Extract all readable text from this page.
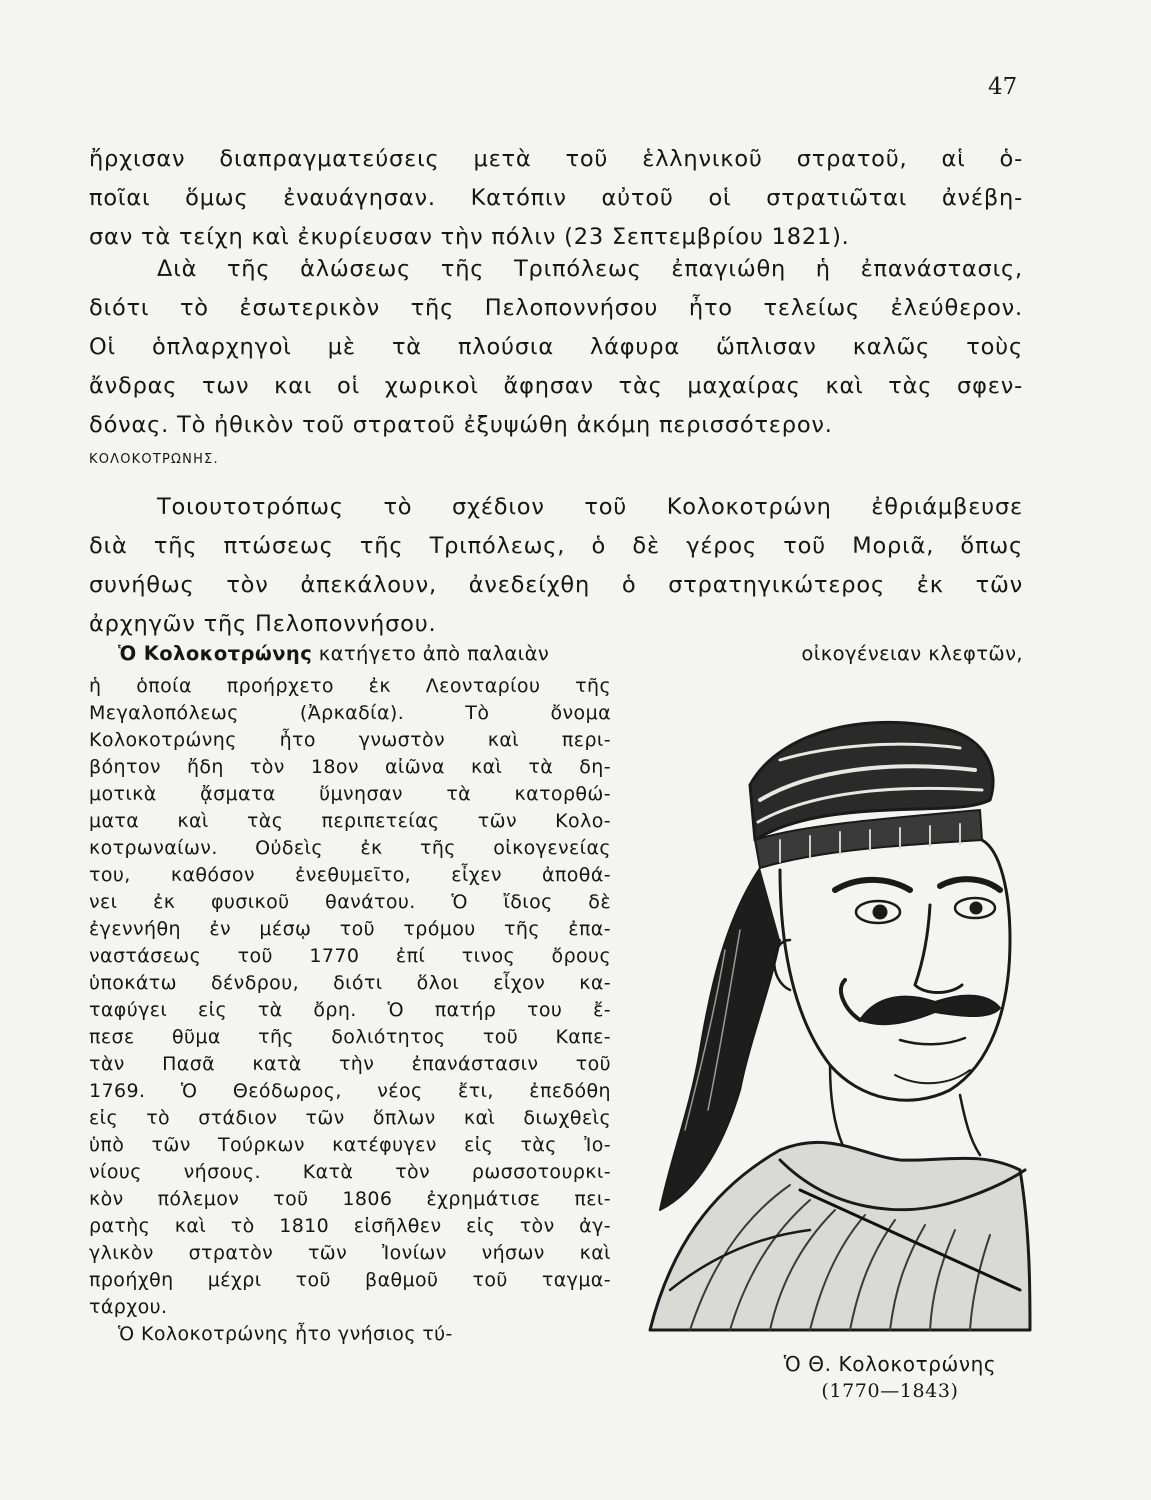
47

ἤρχισαν διαπραγματεύσεις μετὰ τοῦ ἑλληνικοῦ στρατοῦ, αἱ ὁ-
ποῖαι ὅμως ἐναυάγησαν. Κατόπιν αὐτοῦ οἱ στρατιῶται ἀνέβη-
σαν τὰ τείχη καὶ ἐκυρίευσαν τὴν πόλιν (23 Σεπτεμβρίου 1821).

Διὰ τῆς ἁλώσεως τῆς Τριπόλεως ἐπαγιώθη ἡ ἐπανάστασις,
διότι τὸ ἐσωτερικὸν τῆς Πελοποννήσου ἦτο τελείως ἐλεύθερον.
Οἱ ὁπλαρχηγοὶ μὲ τὰ πλούσια λάφυρα ὥπλισαν καλῶς τοὺς
ἄνδρας των και οἱ χωρικοὶ ἄφησαν τὰς μαχαίρας καὶ τὰς σφεν-
δόνας. Τὸ ἠθικὸν τοῦ στρατοῦ ἐξυψώθη ἀκόμη περισσότερον.

ΚΟΛΟΚΟΤΡΩΝΗΣ.

Τοιουτοτρόπως τὸ σχέδιον τοῦ Κολοκοτρώνη ἐθριάμβευσε
διὰ τῆς πτώσεως τῆς Τριπόλεως, ὁ δὲ γέρος τοῦ Μοριᾶ, ὅπως
συνήθως τὸν ἀπεκάλουν, ἀνεδείχθη ὁ στρατηγικώτερος ἐκ τῶν
ἀρχηγῶν τῆς Πελοποννήσου.

Ὁ Κολοκοτρώνης κατήγετο ἀπὸ παλαιὰν	οἰκογένειαν κλεφτῶν,
ἡ ὁποία προήρχετο ἐκ Λεονταρίου τῆς
Μεγαλοπόλεως (Ἀρκαδία). Τὸ ὄνομα
Κολοκοτρώνης ἦτο γνωστὸν καὶ περι-
βόητον ἤδη τὸν 18ον αἰῶνα καὶ τὰ δη-
μοτικὰ ᾄσματα ὕμνησαν τὰ κατορθώ-
ματα καὶ τὰς περιπετείας τῶν Κολο-
κοτρωναίων. Οὐδεὶς ἐκ τῆς οἰκογενείας
του, καθόσον ἐνεθυμεῖτο, εἶχεν ἀποθά-
νει ἐκ φυσικοῦ θανάτου. Ὁ ἴδιος δὲ
ἐγεννήθη ἐν μέσῳ τοῦ τρόμου τῆς ἐπα-
ναστάσεως τοῦ 1770 ἐπί τινος ὄρους
ὑποκάτω δένδρου, διότι ὅλοι εἶχον κα-
ταφύγει εἰς τὰ ὄρη. Ὁ πατήρ του ἔ-
πεσε θῦμα τῆς δολιότητος τοῦ Καπε-
τὰν Πασᾶ κατὰ τὴν ἐπανάστασιν τοῦ
1769. Ὁ Θεόδωρος, νέος ἔτι, ἐπεδόθη
εἰς τὸ στάδιον τῶν ὅπλων καὶ διωχθεὶς
ὑπὸ τῶν Τούρκων κατέφυγεν εἰς τὰς Ἰο-
νίους νήσους. Κατὰ τὸν ρωσσοτουρκι-
κὸν πόλεμον τοῦ 1806 ἐχρημάτισε πει-
ρατὴς καὶ τὸ 1810 εἰσῆλθεν εἰς τὸν ἀγ-
γλικὸν στρατὸν τῶν Ἰονίων νήσων καὶ
προήχθη μέχρι τοῦ βαθμοῦ τοῦ ταγμα-
τάρχου.
Ὁ Κολοκοτρώνης ἦτο γνήσιος τύ-
Ὁ Θ. Κολοκοτρώνης
(1770—1843)
